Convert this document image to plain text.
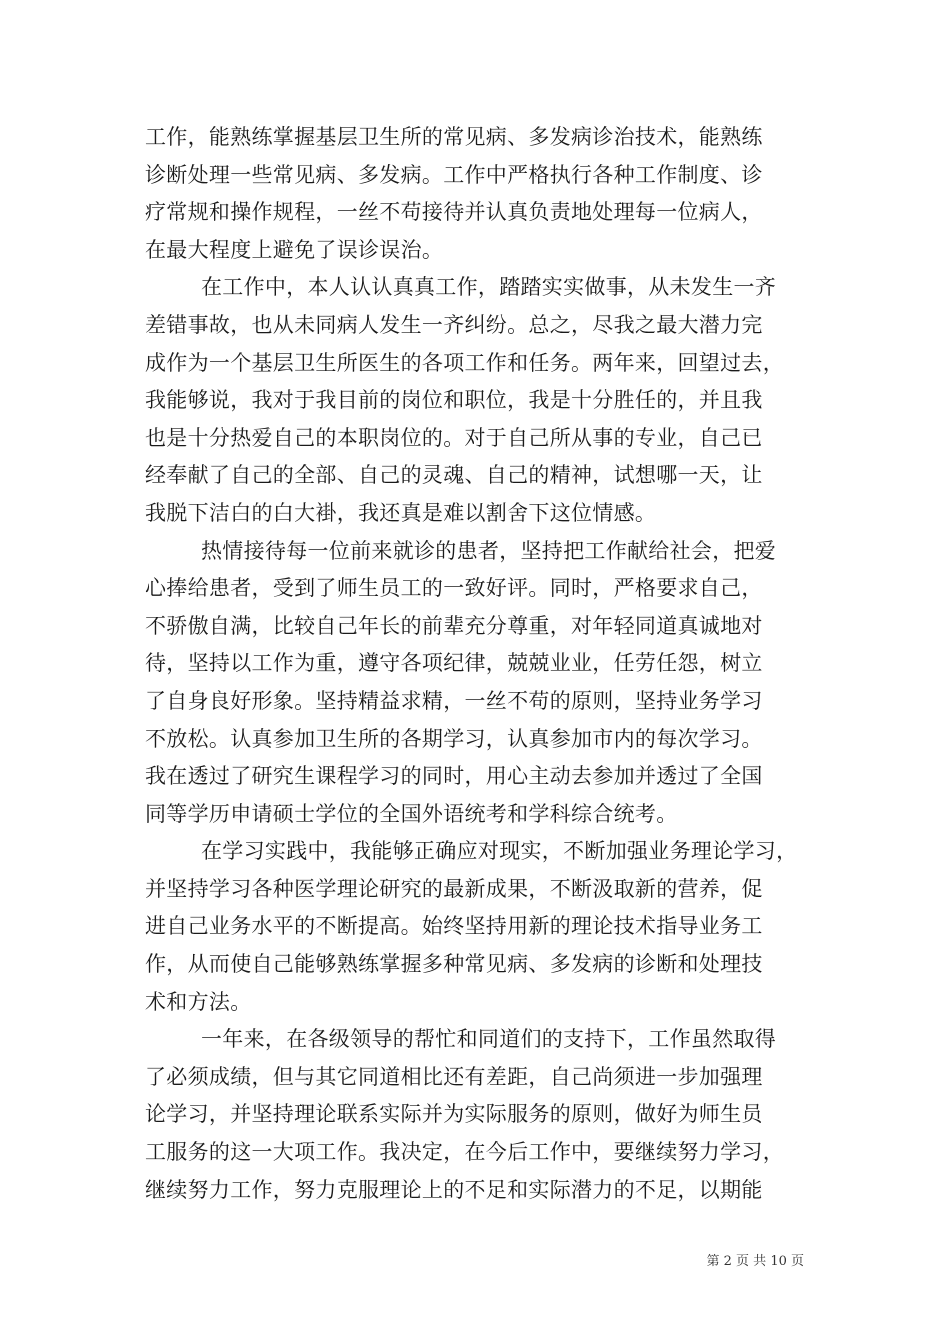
工作，能熟练掌握基层卫生所的常见病、多发病诊治技术，能熟练
诊断处理一些常见病、多发病。工作中严格执行各种工作制度、诊
疗常规和操作规程，一丝不苟接待并认真负责地处理每一位病人，
在最大程度上避免了误诊误治。
在工作中，本人认认真真工作，踏踏实实做事，从未发生一齐
差错事故，也从未同病人发生一齐纠纷。总之，尽我之最大潜力完
成作为一个基层卫生所医生的各项工作和任务。两年来，回望过去，
我能够说，我对于我目前的岗位和职位，我是十分胜任的，并且我
也是十分热爱自己的本职岗位的。对于自己所从事的专业，自己已
经奉献了自己的全部、自己的灵魂、自己的精神，试想哪一天，让
我脱下洁白的白大褂，我还真是难以割舍下这位情感。
热情接待每一位前来就诊的患者，坚持把工作献给社会，把爱
心捧给患者，受到了师生员工的一致好评。同时，严格要求自己，
不骄傲自满，比较自己年长的前辈充分尊重，对年轻同道真诚地对
待，坚持以工作为重，遵守各项纪律，兢兢业业，任劳任怨，树立
了自身良好形象。坚持精益求精，一丝不苟的原则，坚持业务学习
不放松。认真参加卫生所的各期学习，认真参加市内的每次学习。
我在透过了研究生课程学习的同时，用心主动去参加并透过了全国
同等学历申请硕士学位的全国外语统考和学科综合统考。
在学习实践中，我能够正确应对现实，不断加强业务理论学习，
并坚持学习各种医学理论研究的最新成果，不断汲取新的营养，促
进自己业务水平的不断提高。始终坚持用新的理论技术指导业务工
作，从而使自己能够熟练掌握多种常见病、多发病的诊断和处理技
术和方法。
一年来，在各级领导的帮忙和同道们的支持下，工作虽然取得
了必须成绩，但与其它同道相比还有差距，自己尚须进一步加强理
论学习，并坚持理论联系实际并为实际服务的原则，做好为师生员
工服务的这一大项工作。我决定，在今后工作中，要继续努力学习，
继续努力工作，努力克服理论上的不足和实际潜力的不足，以期能
第 2 页 共 10 页
